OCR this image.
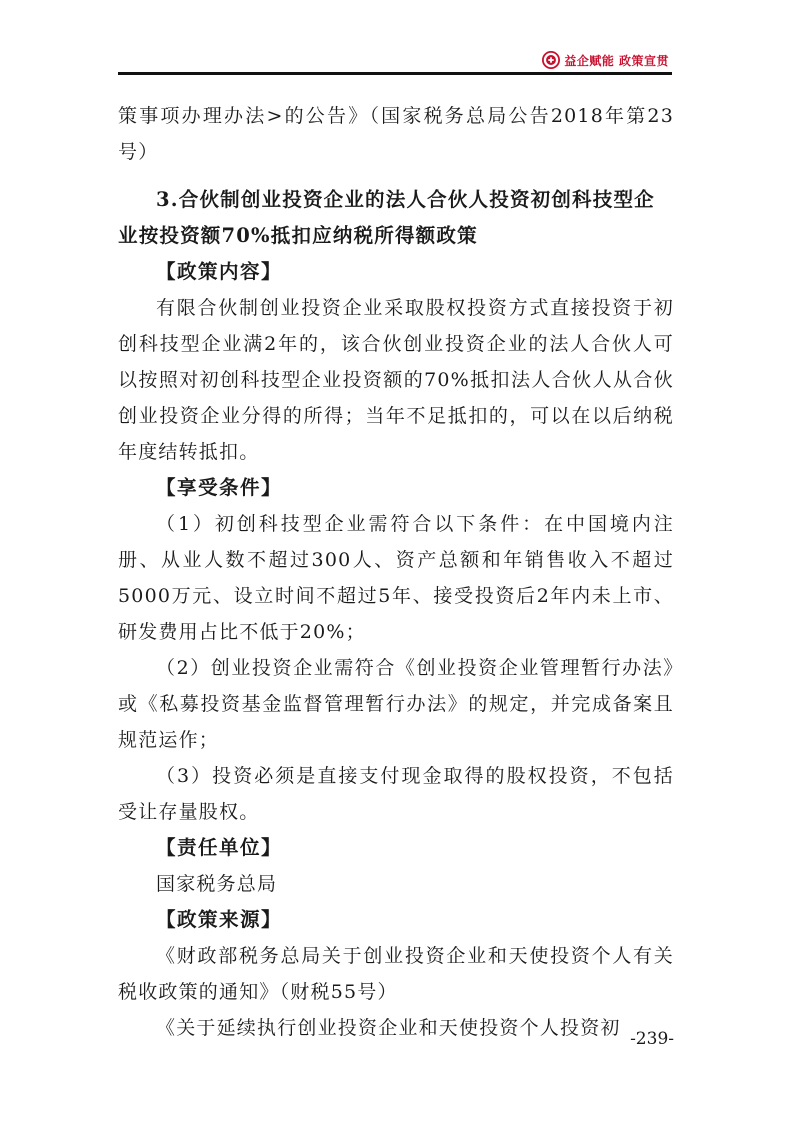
益企赋能 政策宣贯

策事项办理办法>的公告》（国家税务总局公告2018年第23号）

3.合伙制创业投资企业的法人合伙人投资初创科技型企业按投资额70%抵扣应纳税所得额政策

【政策内容】

有限合伙制创业投资企业采取股权投资方式直接投资于初创科技型企业满2年的，该合伙创业投资企业的法人合伙人可以按照对初创科技型企业投资额的70%抵扣法人合伙人从合伙创业投资企业分得的所得；当年不足抵扣的，可以在以后纳税年度结转抵扣。

【享受条件】

（1）初创科技型企业需符合以下条件：在中国境内注册、从业人数不超过300人、资产总额和年销售收入不超过5000万元、设立时间不超过5年、接受投资后2年内未上市、研发费用占比不低于20%；

（2）创业投资企业需符合《创业投资企业管理暂行办法》或《私募投资基金监督管理暂行办法》的规定，并完成备案且规范运作；

（3）投资必须是直接支付现金取得的股权投资，不包括受让存量股权。

【责任单位】

国家税务总局

【政策来源】

《财政部税务总局关于创业投资企业和天使投资个人有关税收政策的通知》（财税55号）

《关于延续执行创业投资企业和天使投资个人投资初 -239-
